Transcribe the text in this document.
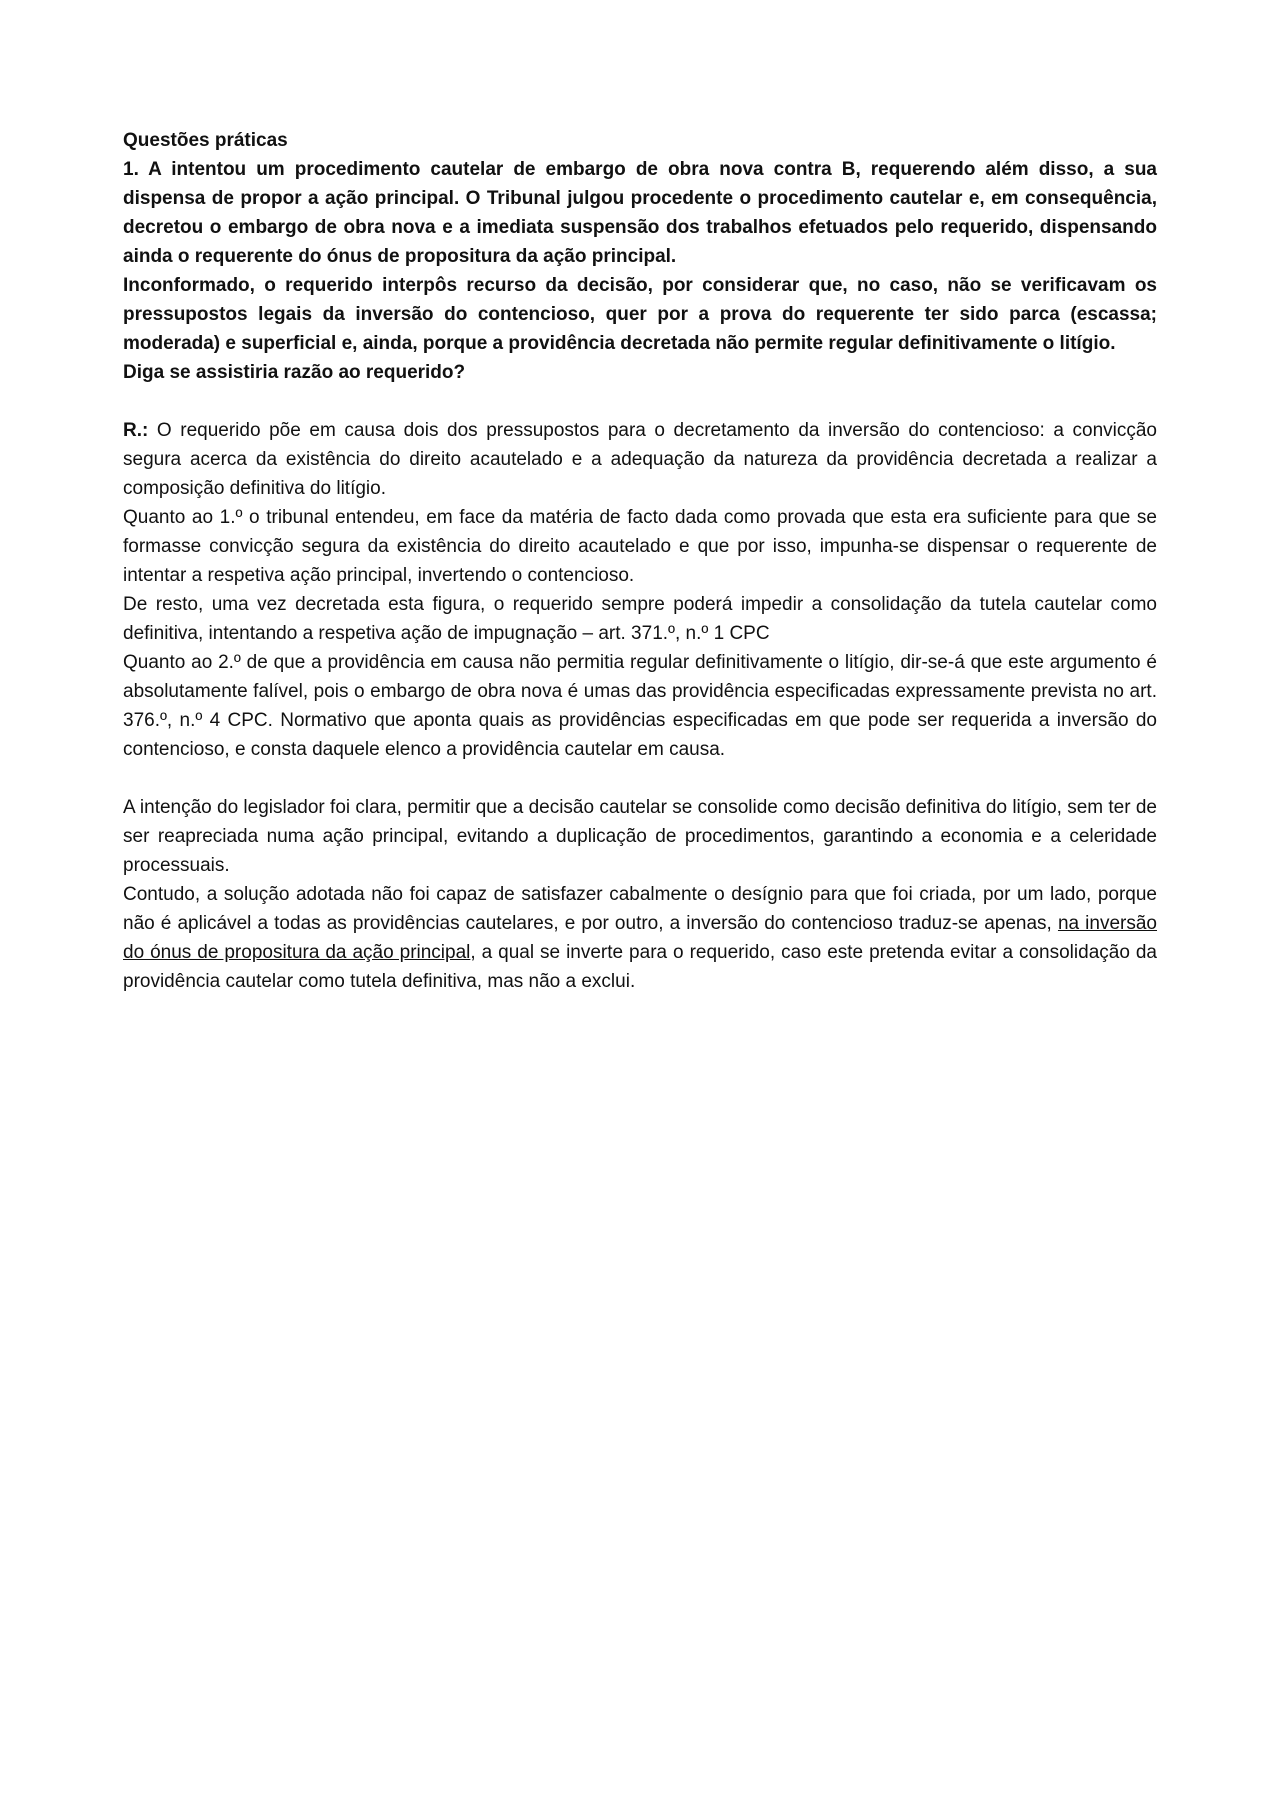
Questões práticas

1. A intentou um procedimento cautelar de embargo de obra nova contra B, requerendo além disso, a sua dispensa de propor a ação principal. O Tribunal julgou procedente o procedimento cautelar e, em consequência, decretou o embargo de obra nova e a imediata suspensão dos trabalhos efetuados pelo requerido, dispensando ainda o requerente do ónus de propositura da ação principal.

Inconformado, o requerido interpôs recurso da decisão, por considerar que, no caso, não se verificavam os pressupostos legais da inversão do contencioso, quer por a prova do requerente ter sido parca (escassa; moderada) e superficial e, ainda, porque a providência decretada não permite regular definitivamente o litígio.

Diga se assistiria razão ao requerido?

R.: O requerido põe em causa dois dos pressupostos para o decretamento da inversão do contencioso: a convicção segura acerca da existência do direito acautelado e a adequação da natureza da providência decretada a realizar a composição definitiva do litígio.

Quanto ao 1.º o tribunal entendeu, em face da matéria de facto dada como provada que esta era suficiente para que se formasse convicção segura da existência do direito acautelado e que por isso, impunha-se dispensar o requerente de intentar a respetiva ação principal, invertendo o contencioso.

De resto, uma vez decretada esta figura, o requerido sempre poderá impedir a consolidação da tutela cautelar como definitiva, intentando a respetiva ação de impugnação – art. 371.º, n.º 1 CPC

Quanto ao 2.º de que a providência em causa não permitia regular definitivamente o litígio, dir-se-á que este argumento é absolutamente falível, pois o embargo de obra nova é umas das providência especificadas expressamente prevista no art. 376.º, n.º 4 CPC. Normativo que aponta quais as providências especificadas em que pode ser requerida a inversão do contencioso, e consta daquele elenco a providência cautelar em causa.

A intenção do legislador foi clara, permitir que a decisão cautelar se consolide como decisão definitiva do litígio, sem ter de ser reapreciada numa ação principal, evitando a duplicação de procedimentos, garantindo a economia e a celeridade processuais.

Contudo, a solução adotada não foi capaz de satisfazer cabalmente o desígnio para que foi criada, por um lado, porque não é aplicável a todas as providências cautelares, e por outro, a inversão do contencioso traduz-se apenas, na inversão do ónus de propositura da ação principal, a qual se inverte para o requerido, caso este pretenda evitar a consolidação da providência cautelar como tutela definitiva, mas não a exclui.
